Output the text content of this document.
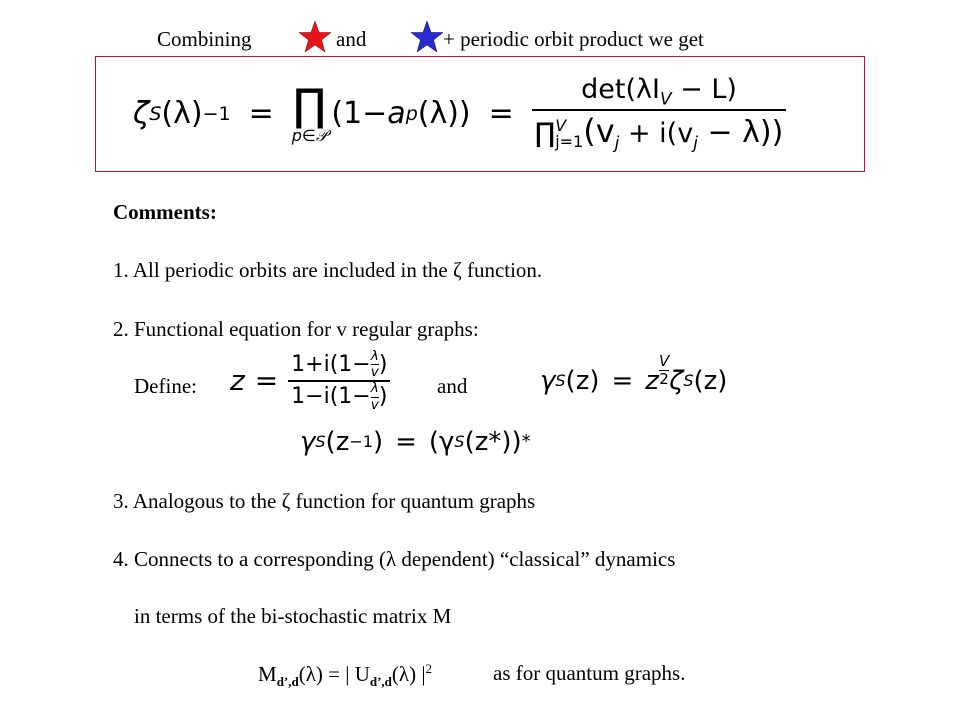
Combining	and	+ periodic orbit product we get
ζ S (λ) −1 = ∏
p∈𝒫
(1− a p $(\lambda)) = \det(\lambda I_V - L)$
∏ V
j=1 $(v_j + i(v_j - \lambda))$
Comments:
1. All periodic orbits are included in the ζ function.
2. Functional equation for v regular graphs:
Define: $z = \frac{1+i(1- \frac{\lambda}{v} )}{1-i(1- \frac{\lambda}{v} )}$ and	γ S (z) = z
V
2 ζ S (z)
γ S (z −1 ) = (γ S (z*)) *
3. Analogous to the ζ function for quantum graphs
4. Connects to a corresponding (λ dependent) “classical” dynamics
in terms of the bi-stochastic matrix M
$M_{d’,d}(\lambda)$ = | $U_{d’,d}(\lambda)$ $|^2$	as for quantum graphs.
